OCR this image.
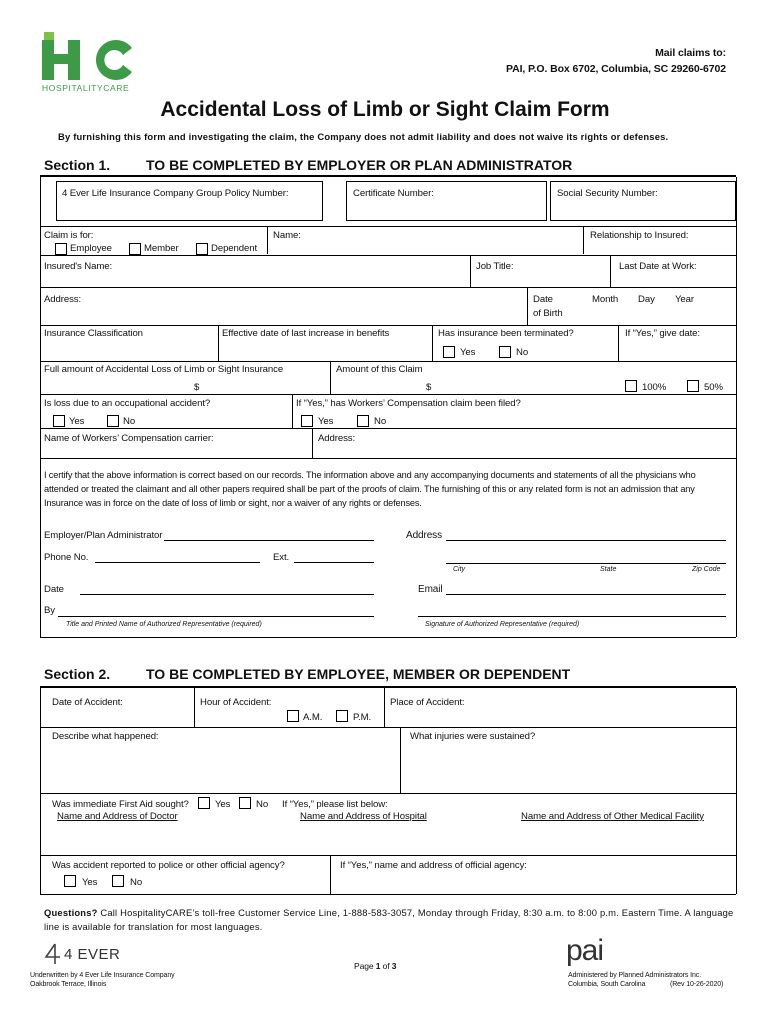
HOSPITALITYCARE
Mail claims to:
PAI, P.O. Box 6702, Columbia, SC 29260-6702
Accidental Loss of Limb or Sight Claim Form
By furnishing this form and investigating the claim, the Company does not admit liability and does not waive its rights or defenses.
Section 1.	TO BE COMPLETED BY EMPLOYER OR PLAN ADMINISTRATOR
4 Ever Life Insurance Company Group Policy Number:	Certificate Number:	Social Security Number:
Claim is for:
Employee	Member	Dependent
Name:	Relationship to Insured:
Insured's Name:	Job Title:	Last Date at Work:
Address:	Date
of Birth
Month Day Year
Insurance Classification	Effective date of last increase in benefits	Has insurance been terminated?
Yes	No
If “Yes,” give date:
Full amount of Accidental Loss of Limb or Sight Insurance
$
Amount of this Claim
$	100%	50%
Is loss due to an occupational accident?
Yes	No
If “Yes,” has Workers’ Compensation claim been filed?
Yes	No
Name of Workers’ Compensation carrier:	Address:
I certify that the above information is correct based on our records. The information above and any accompanying documents and statements of all the physicians who attended or treated the claimant and all other papers required shall be part of the proofs of claim. The furnishing of this or any related form is not an admission that any Insurance was in force on the date of loss of limb or sight, nor a waiver of any rights or defenses.
Employer/Plan Administrator	Address
Phone No.	Ext.
City	State	Zip Code
Date	Email
By
Title and Printed Name of Authorized Representative (required)	Signature of Authorized Representative (required)
Section 2.	TO BE COMPLETED BY EMPLOYEE, MEMBER OR DEPENDENT
Date of Accident:	Hour of Accident:
A.M.	P.M.
Place of Accident:
Describe what happened:	What injuries were sustained?
Was immediate First Aid sought?	Yes	No If “Yes,” please list below:
Name and Address of Doctor	Name and Address of Hospital	Name and Address of Other Medical Facility
Was accident reported to police or other official agency?
Yes	No
If “Yes,” name and address of official agency:
Questions? Call HospitalityCARE’s toll-free Customer Service Line, 1-888-583-3057, Monday through Friday, 8:30 a.m. to 8:00 p.m. Eastern Time. A language line is available for translation for most languages.
4 EVER
Underwritten by 4 Ever Life Insurance Company
Oakbrook Terrace, Illinois
Page 1 of 3	pai
Administered by Planned Administrators Inc.
Columbia, South Carolina	(Rev 10-26-2020)
